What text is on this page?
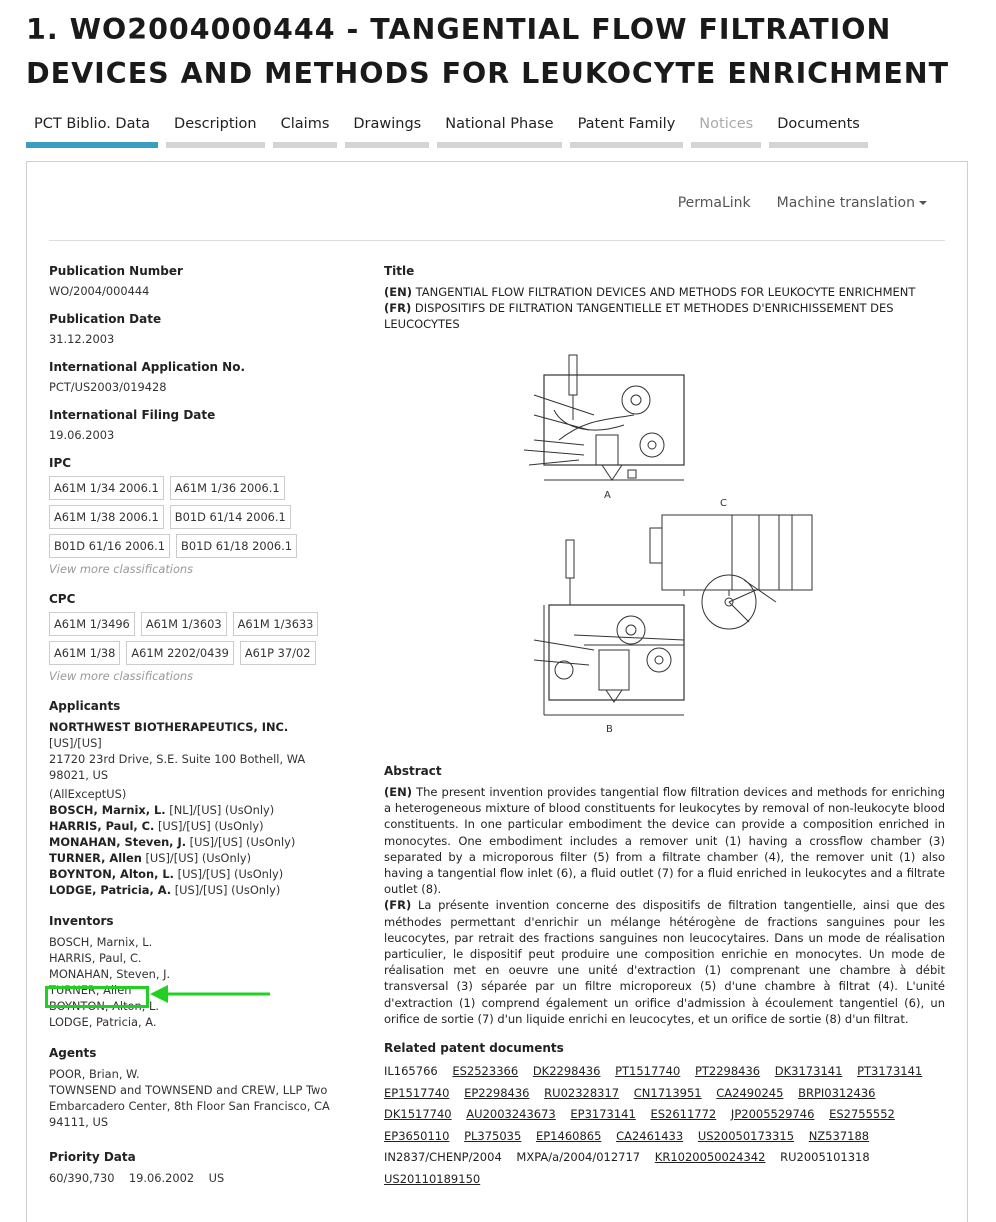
1. WO2004000444 - TANGENTIAL FLOW FILTRATION DEVICES AND METHODS FOR LEUKOCYTE ENRICHMENT
PCT Biblio. Data	Description	Claims	Drawings	National Phase	Patent Family	Notices	Documents
PermaLink Machine translation
Publication Number
WO/2004/000444
Publication Date
31.12.2003
International Application No.
PCT/US2003/019428
International Filing Date
19.06.2003
IPC
A61M 1/34 2006.1	A61M 1/36 2006.1
A61M 1/38 2006.1	B01D 61/14 2006.1
B01D 61/16 2006.1	B01D 61/18 2006.1
View more classifications
CPC
A61M 1/3496	A61M 1/3603	A61M 1/3633
A61M 1/38	A61M 2202/0439	A61P 37/02
View more classifications
Applicants
NORTHWEST BIOTHERAPEUTICS, INC. [US]/[US]
21720 23rd Drive, S.E. Suite 100 Bothell, WA 98021, US
(AllExceptUS)
BOSCH, Marnix, L. [NL]/[US] (UsOnly)
HARRIS, Paul, C. [US]/[US] (UsOnly)
MONAHAN, Steven, J. [US]/[US] (UsOnly)
TURNER, Allen [US]/[US] (UsOnly)
BOYNTON, Alton, L. [US]/[US] (UsOnly)
LODGE, Patricia, A. [US]/[US] (UsOnly)
Inventors
BOSCH, Marnix, L.
HARRIS, Paul, C.
MONAHAN, Steven, J.
TURNER, Allen
BOYNTON, Alton, L.
LODGE, Patricia, A.
Agents
POOR, Brian, W.
TOWNSEND and TOWNSEND and CREW, LLP Two Embarcadero Center, 8th Floor San Francisco, CA 94111, US
Priority Data
60/390,730 19.06.2002 US
Title
(EN) TANGENTIAL FLOW FILTRATION DEVICES AND METHODS FOR LEUKOCYTE ENRICHMENT
(FR) DISPOSITIFS DE FILTRATION TANGENTIELLE ET METHODES D'ENRICHISSEMENT DES LEUCOCYTES
A
C
B
Abstract
(EN) The present invention provides tangential flow filtration devices and methods for enriching a heterogeneous mixture of blood constituents for leukocytes by removal of non-leukocyte blood constituents. In one particular embodiment the device can provide a composition enriched in monocytes. One embodiment includes a remover unit (1) having a crossflow chamber (3) separated by a microporous filter (5) from a filtrate chamber (4), the remover unit (1) also having a tangential flow inlet (6), a fluid outlet (7) for a fluid enriched in leukocytes and a filtrate outlet (8).
(FR) La présente invention concerne des dispositifs de filtration tangentielle, ainsi que des méthodes permettant d'enrichir un mélange hétérogène de fractions sanguines pour les leucocytes, par retrait des fractions sanguines non leucocytaires. Dans un mode de réalisation particulier, le dispositif peut produire une composition enrichie en monocytes. Un mode de réalisation met en oeuvre une unité d'extraction (1) comprenant une chambre à débit transversal (3) séparée par un filtre microporeux (5) d'une chambre à filtrat (4). L'unité d'extraction (1) comprend également un orifice d'admission à écoulement tangentiel (6), un orifice de sortie (7) d'un liquide enrichi en leucocytes, et un orifice de sortie (8) d'un filtrat.
Related patent documents
IL165766 ES2523366 DK2298436 PT1517740 PT2298436 DK3173141 PT3173141 EP1517740 EP2298436 RU02328317 CN1713951 CA2490245 BRPI0312436 DK1517740 AU2003243673 EP3173141 ES2611772 JP2005529746 ES2755552 EP3650110 PL375035 EP1460865 CA2461433 US20050173315 NZ537188 IN2837/CHENP/2004 MXPA/a/2004/012717 KR1020050024342 RU2005101318 US20110189150
